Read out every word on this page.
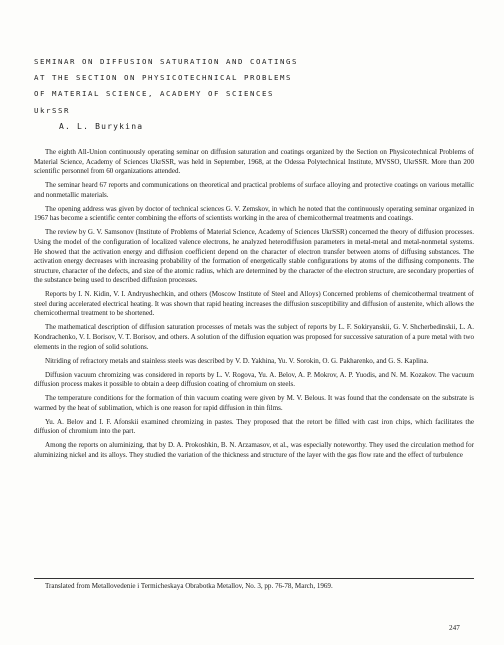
SEMINAR ON DIFFUSION SATURATION AND COATINGS
AT THE SECTION ON PHYSICOTECHNICAL PROBLEMS
OF MATERIAL SCIENCE, ACADEMY OF SCIENCES
UkrSSR
A. L. Burykina

The eighth All-Union continuously operating seminar on diffusion saturation and coatings organized by the Section on Physicotechnical Problems of Material Science, Academy of Sciences UkrSSR, was held in September, 1968, at the Odessa Polytechnical Institute, MVSSO, UkrSSR. More than 200 scientific personnel from 60 organizations attended.

The seminar heard 67 reports and communications on theoretical and practical problems of surface alloying and protective coatings on various metallic and nonmetallic materials.

The opening address was given by doctor of technical sciences G. V. Zemskov, in which he noted that the continuously operating seminar organized in 1967 has become a scientific center combining the efforts of scientists working in the area of chemicothermal treatments and coatings.

The review by G. V. Samsonov (Institute of Problems of Material Science, Academy of Sciences UkrSSR) concerned the theory of diffusion processes. Using the model of the configuration of localized valence electrons, he analyzed heterodiffusion parameters in metal-metal and metal-nonmetal systems. He showed that the activation energy and diffusion coefficient depend on the character of electron transfer between atoms of diffusing substances. The activation energy decreases with increasing probability of the formation of energetically stable configurations by atoms of the diffusing components. The structure, character of the defects, and size of the atomic radius, which are determined by the character of the electron structure, are secondary properties of the substance being used to described diffusion processes.

Reports by I. N. Kidin, V. I. Andryushechkin, and others (Moscow Institute of Steel and Alloys) Concerned problems of chemicothermal treatment of steel during accelerated electrical heating. It was shown that rapid heating increases the diffusion susceptibility and diffusion of austenite, which allows the chemicothermal treatment to be shortened.

The mathematical description of diffusion saturation processes of metals was the subject of reports by L. F. Sokiryanskii, G. V. Shcherbedinskii, L. A. Kondrachenko, V. I. Borisov, V. T. Borisov, and others. A solution of the diffusion equation was proposed for successive saturation of a pure metal with two elements in the region of solid solutions.

Nitriding of refractory metals and stainless steels was described by V. D. Yakhina, Yu. V. Sorokin, O. G. Pakharenko, and G. S. Kaplina.

Diffusion vacuum chromizing was considered in reports by L. V. Rogova, Yu. A. Belov, A. P. Mokrov, A. P. Yuodis, and N. M. Kozakov. The vacuum diffusion process makes it possible to obtain a deep diffusion coating of chromium on steels.

The temperature conditions for the formation of thin vacuum coating were given by M. V. Belous. It was found that the condensate on the substrate is warmed by the heat of sublimation, which is one reason for rapid diffusion in thin films.

Yu. A. Belov and I. F. Afonskii examined chromizing in pastes. They proposed that the retort be filled with cast iron chips, which facilitates the diffusion of chromium into the part.

Among the reports on aluminizing, that by D. A. Prokoshkin, B. N. Arzamasov, et al., was especially noteworthy. They used the circulation method for aluminizing nickel and its alloys. They studied the variation of the thickness and structure of the layer with the gas flow rate and the effect of turbulence

Translated from Metallovedenie i Termicheskaya Obrabotka Metallov, No. 3, pp. 76-78, March, 1969.

247
